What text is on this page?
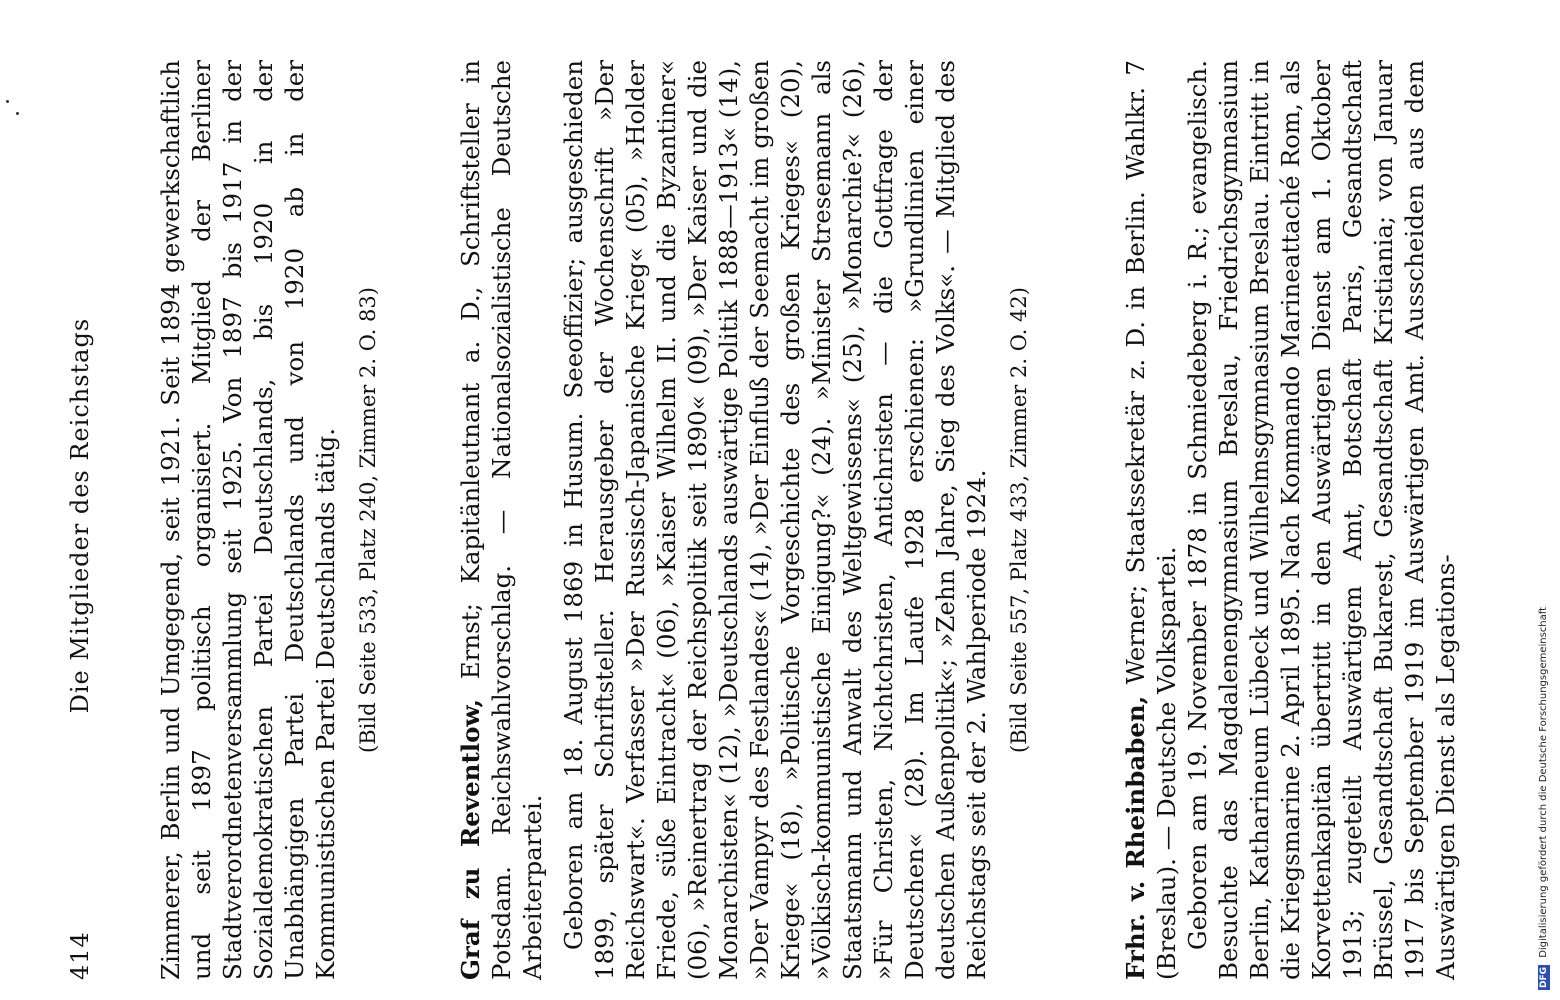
414
Die Mitglieder des Reichstags	Zimmerer, Berlin und Umgegend, seit 1921. Seit 1894 gewerkschaftlich und seit 1897 politisch organisiert. Mitglied der Berliner Stadtverordnetenversammlung seit 1925. Von 1897 bis 1917 in der Sozialdemokratischen Partei Deutschlands, bis 1920 in der Unabhängigen Partei Deutschlands und von 1920 ab in der Kommunistischen Partei Deutschlands tätig. (Bild Seite 533, Platz 240, Zimmer 2. O. 83)

Graf zu Reventlow, Ernst; Kapitänleutnant a. D., Schriftsteller in Potsdam. Reichswahlvorschlag. — Nationalsozialistische Deutsche Arbeiterpartei. Geboren am 18. August 1869 in Husum. Seeoffizier; ausgeschieden 1899, später Schriftsteller. Herausgeber der Wochenschrift »Der Reichswart«. Verfasser »Der Russisch-Japanische Krieg« (05), »Holder Friede, süße Eintracht« (06), »Kaiser Wilhelm II. und die Byzantiner« (06), »Reinertrag der Reichspolitik seit 1890« (09), »Der Kaiser und die Monarchisten« (12), »Deutschlands auswärtige Politik 1888—1913« (14), »Der Vampyr des Festlandes« (14), »Der Einfluß der Seemacht im großen Kriege« (18), »Politische Vorgeschichte des großen Krieges« (20), »Völkisch-kommunistische Einigung?« (24). »Minister Stresemann als Staatsmann und Anwalt des Weltgewissens« (25), »Monarchie?« (26), »Für Christen, Nichtchristen, Antichristen — die Gottfrage der Deutschen« (28). Im Laufe 1928 erschienen: »Grundlinien einer deutschen Außenpolitik«; »Zehn Jahre, Sieg des Volks«. — Mitglied des Reichstags seit der 2. Wahlperiode 1924. (Bild Seite 557, Platz 433, Zimmer 2. O. 42)

Frhr. v. Rheinbaben, Werner; Staatssekretär z. D. in Berlin. Wahlkr. 7 (Breslau). — Deutsche Volkspartei. Geboren am 19. November 1878 in Schmiedeberg i. R.; evangelisch. Besuchte das Magdalenengymnasium Breslau, Friedrichsgymnasium Berlin, Katharineum Lübeck und Wilhelmsgymnasium Breslau. Eintritt in die Kriegsmarine 2. April 1895. Nach Kommando Marineattaché Rom, als Korvettenkapitän übertritt in den Auswärtigen Dienst am 1. Oktober 1913; zugeteilt Auswärtigem Amt, Botschaft Paris, Gesandtschaft Brüssel, Gesandtschaft Bukarest, Gesandtschaft Kristiania; von Januar 1917 bis September 1919 im Auswärtigen Amt. Ausscheiden aus dem Auswärtigen Dienst als Legations-	DFG Digitalisierung gefördert durch die Deutsche Forschungsgemeinschaft
